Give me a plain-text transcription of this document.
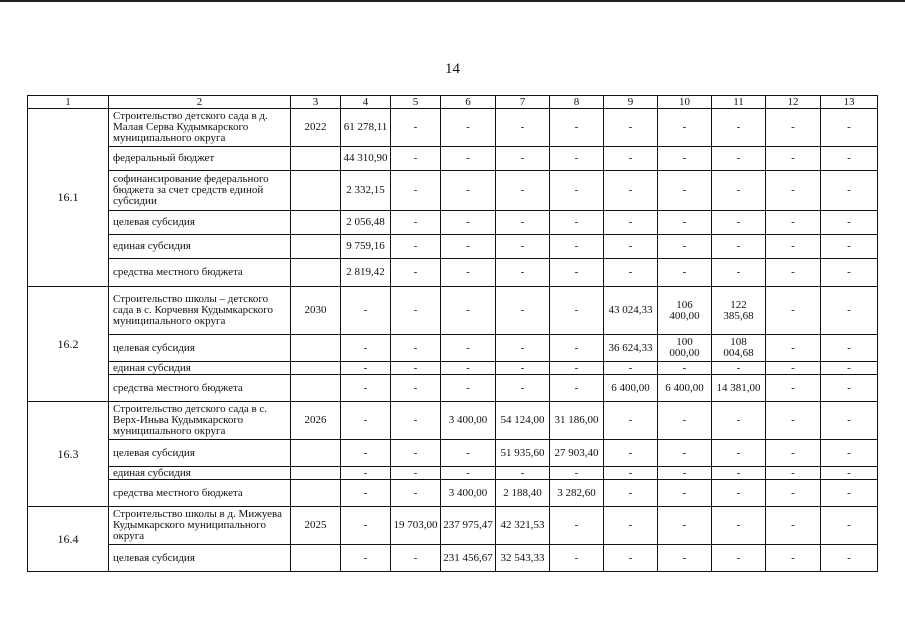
14
1	2	3	4	5	6	7	8	9	10	11	12	13
16.1	Строительство детского сада в д. Малая Серва Кудымкарского муниципального округа	2022	61 278,11	-	-	-	-	-	-	-	-	-
	федеральный бюджет		44 310,90	-	-	-	-	-	-	-	-	-
	софинансирование федерального бюджета за счет средств единой субсидии		2 332,15	-	-	-	-	-	-	-	-	-
	целевая субсидия		2 056,48	-	-	-	-	-	-	-	-	-
	единая субсидия		9 759,16	-	-	-	-	-	-	-	-	-
	средства местного бюджета		2 819,42	-	-	-	-	-	-	-	-	-
16.2	Строительство школы – детского сада в с. Корчевня Кудымкарского муниципального округа	2030	-	-	-	-	-	43 024,33	106 400,00	122 385,68	-	-
	целевая субсидия		-	-	-	-	-	36 624,33	100 000,00	108 004,68	-	-
	единая субсидия		-	-	-	-	-	-	-	-	-	-
	средства местного бюджета		-	-	-	-	-	6 400,00	6 400,00	14 381,00	-	-
16.3	Строительство детского сада в с. Верх-Иньва Кудымкарского муниципального округа	2026	-	-	3 400,00	54 124,00	31 186,00	-	-	-	-	-
	целевая субсидия		-	-	-	51 935,60	27 903,40	-	-	-	-	-
	единая субсидия		-	-	-	-	-	-	-	-	-	-
	средства местного бюджета		-	-	3 400,00	2 188,40	3 282,60	-	-	-	-	-
16.4	Строительство школы в д. Мижуева Кудымкарского муниципального округа	2025	-	19 703,00	237 975,47	42 321,53	-	-	-	-	-	-
	целевая субсидия		-	-	231 456,67	32 543,33	-	-	-	-	-	-
